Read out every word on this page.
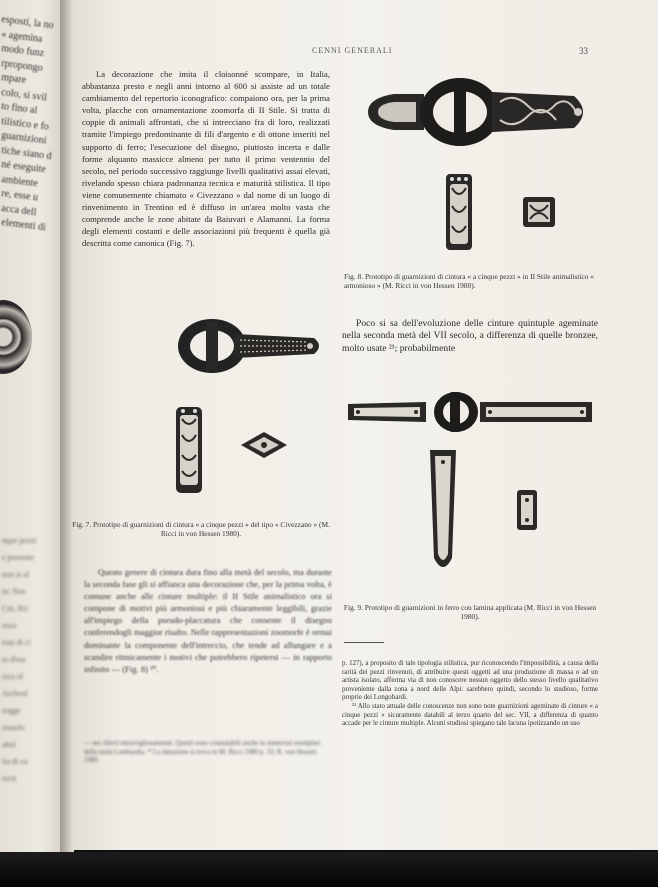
esposti, la no
« agemina
modo funz
rpropongo
mpare
colo, si svil
to fino al
tilistico e fo
guarnizioni
tiche siano d
né eseguite
ambiente
re, esse u
acca dell
elementi di
nque pezzi
e presente
non si al
in: Nos
Cm, Ric
osos
ioni di ci
to d'ma
izza ol
Archeol
sogge
essaslo
abol
lia di cu
recti
CENNI GENERALI	33

La decorazione che imita il cloisonné scompare, in Italia, abbastanza presto e negli anni intorno al 600 si assiste ad un totale cambiamento del repertorio iconografico: compaiono ora, per la prima volta, placche con ornamentazione zoomorfa di II Stile. Si tratta di coppie di animali affrontati, che si intrecciano fra di loro, realizzati tramite l'impiego predominante di fili d'argento e di ottone inseriti nel supporto di ferro; l'esecuzione del disegno, piuttosto incerta e dalle forme alquanto massicce almeno per tutto il primo ventennio del secolo, nel periodo successivo raggiunge livelli qualitativi assai elevati, rivelando spesso chiara padronanza tecnica e maturità stilistica. Il tipo viene comunemente chiamato « Civezzano » dal nome di un luogo di rinvenimento in Trentino ed è diffuso in un'area molto vasta che comprende anche le zone abitate da Baiuvari e Alamanni. La forma degli elementi costanti e delle associazioni più frequenti è quella già descritta come canonica (Fig. 7).

Fig. 7. Prototipo di guarnizioni di cintura « a cinque pezzi » del tipo « Civezzano » (M. Ricci in von Hessen 1980).

Questo genere di cintura dura fino alla metà del secolo, ma durante la seconda fase gli si affianca una decorazione che, per la prima volta, è comune anche alle cinture multiple: il II Stile animalistico ora si compone di motivi più armoniosi e più chiaramente leggibili, grazie all'impiego della pseudo-placcatura che consente il disegno conferendogli maggior risalto. Nelle rappresentazioni zoomorfe è ormai dominante la componente dell'intreccio, che tende ad allungare e a scandire ritmicamente i motivi che potrebbero ripetersi — in rapporto infinito — (Fig. 8) ²⁰.

— nei rilievi meravigliosamente. Questi sono constatabili anche in numerosi esemplari della tarda Lombardia. ¹⁹ La datazione si trova in M. Ricci 1980 p. 33; R. von Hessen 1980.
Fig. 8. Prototipo di guarnizioni di cintura « a cinque pezzi » in II Stile animalistico « armonioso » (M. Ricci in von Hessen 1980).

Poco si sa dell'evoluzione delle cinture quintuple ageminate nella seconda metà del VII secolo, a differenza di quelle bronzee, molto usate ²¹; probabilmente

Fig. 9. Prototipo di guarnizioni in ferro con lamina applicata (M. Ricci in von Hessen 1980).

p. 127), a proposito di tale tipologia stilistica, pur riconoscendo l'impossibilità, a causa della rarità dei pezzi rinvenuti, di attribuire questi oggetti ad una produzione di massa o ad un artista isolato, afferma via di non conoscere nessun oggetto dello stesso livello qualitativo proveniente dalla zona a nord delle Alpi: sarebbero quindi, secondo lo studioso, forme proprie dei Longobardi.

²¹ Allo stato attuale delle conoscenze non sono note guarnizioni ageminate di cinture « a cinque pezzi » sicuramente databili al terzo quarto del sec. VII, a differenza di quanto accade per le cinture multiple. Alcuni studiosi spiegano tale lacuna ipotizzando un uso
